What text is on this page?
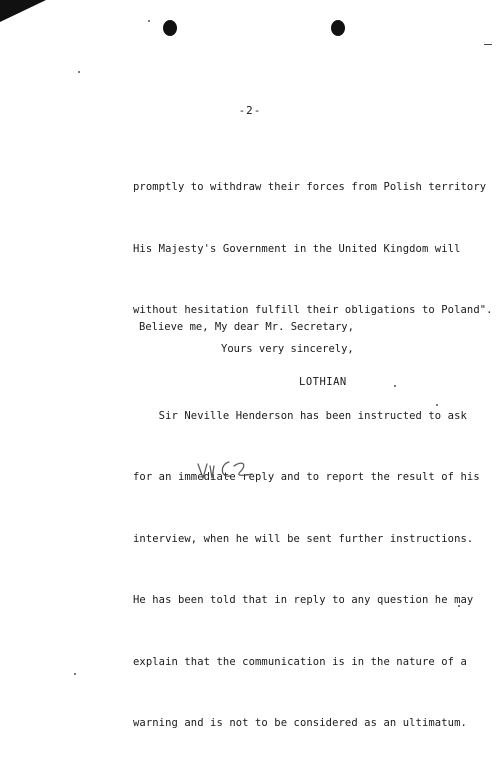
-2-

promptly to withdraw their forces from Polish territory

His Majesty's Government in the United Kingdom will

without hesitation fulfill their obligations to Poland".

Sir Neville Henderson has been instructed to ask

for an immediate reply and to report the result of his

interview, when he will be sent further instructions.

He has been told that in reply to any question he may

explain that the communication is in the nature of a

warning and is not to be considered as an ultimatum.

Believe me, My dear Mr. Secretary,
Yours very sincerely,
LOTHIAN
